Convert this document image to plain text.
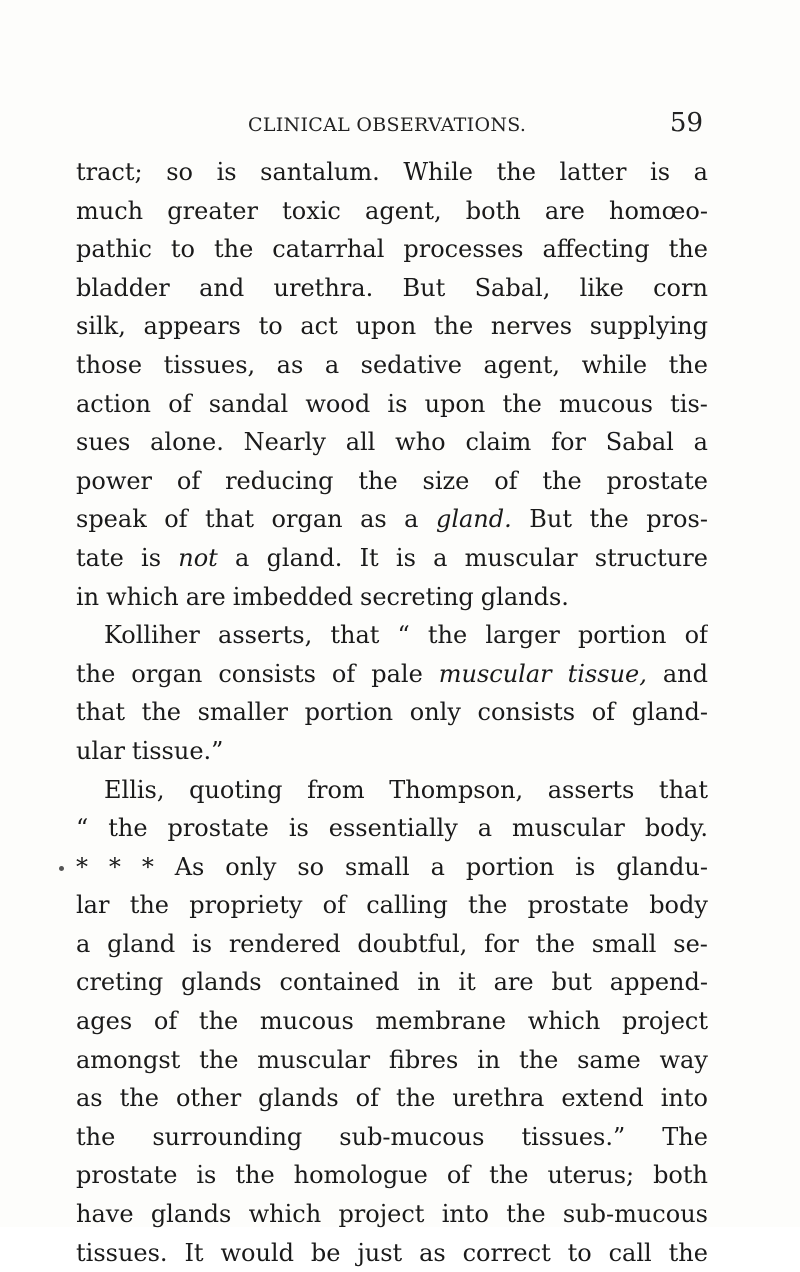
CLINICAL OBSERVATIONS.	59
tract; so is santalum. While the latter is a
much greater toxic agent, both are homœo-
pathic to the catarrhal processes affecting the
bladder and urethra. But Sabal, like corn
silk, appears to act upon the nerves supplying
those tissues, as a sedative agent, while the
action of sandal wood is upon the mucous tis-
sues alone. Nearly all who claim for Sabal a
power of reducing the size of the prostate
speak of that organ as a gland. But the pros-
tate is not a gland. It is a muscular structure
in which are imbedded secreting glands.
Kolliher asserts, that “ the larger portion of
the organ consists of pale muscular tissue, and
that the smaller portion only consists of gland-
ular tissue.”
Ellis, quoting from Thompson, asserts that
“ the prostate is essentially a muscular body.
* * * As only so small a portion is glandu-
lar the propriety of calling the prostate body
a gland is rendered doubtful, for the small se-
creting glands contained in it are but append-
ages of the mucous membrane which project
amongst the muscular fibres in the same way
as the other glands of the urethra extend into
the surrounding sub-mucous tissues.” The
prostate is the homologue of the uterus; both
have glands which project into the sub-mucous
tissues. It would be just as correct to call the
